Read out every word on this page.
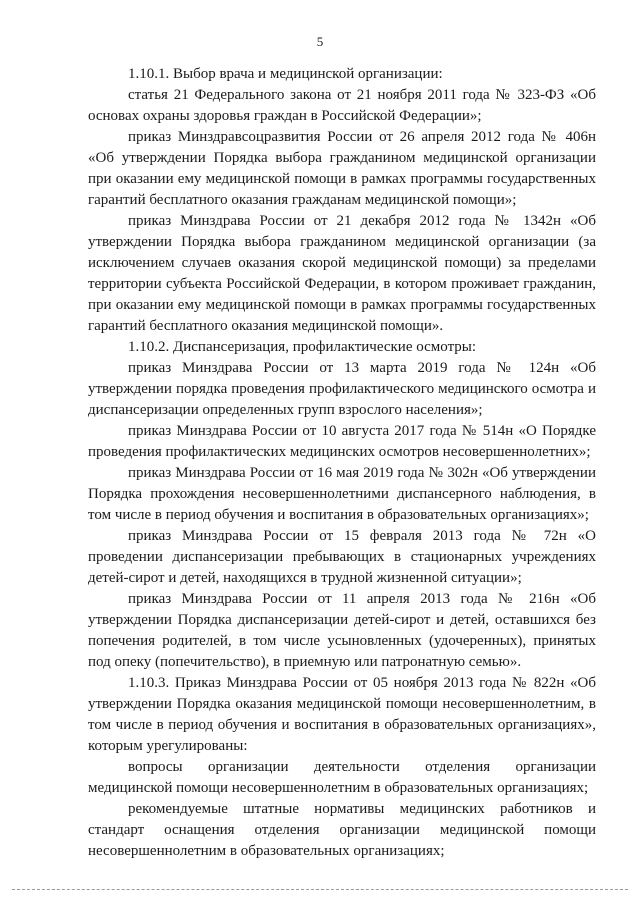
5

1.10.1. Выбор врача и медицинской организации:

статья 21 Федерального закона от 21 ноября 2011 года № 323-ФЗ «Об основах охраны здоровья граждан в Российской Федерации»;

приказ Минздравсоцразвития России от 26 апреля 2012 года № 406н «Об утверждении Порядка выбора гражданином медицинской организации при оказании ему медицинской помощи в рамках программы государственных гарантий бесплатного оказания гражданам медицинской помощи»;

приказ Минздрава России от 21 декабря 2012 года № 1342н «Об утверждении Порядка выбора гражданином медицинской организации (за исключением случаев оказания скорой медицинской помощи) за пределами территории субъекта Российской Федерации, в котором проживает гражданин, при оказании ему медицинской помощи в рамках программы государственных гарантий бесплатного оказания медицинской помощи».

1.10.2. Диспансеризация, профилактические осмотры:

приказ Минздрава России от 13 марта 2019 года № 124н «Об утверждении порядка проведения профилактического медицинского осмотра и диспансеризации определенных групп взрослого населения»;

приказ Минздрава России от 10 августа 2017 года № 514н «О Порядке проведения профилактических медицинских осмотров несовершеннолетних»;

приказ Минздрава России от 16 мая 2019 года № 302н «Об утверждении Порядка прохождения несовершеннолетними диспансерного наблюдения, в том числе в период обучения и воспитания в образовательных организациях»;

приказ Минздрава России от 15 февраля 2013 года № 72н «О проведении диспансеризации пребывающих в стационарных учреждениях детей-сирот и детей, находящихся в трудной жизненной ситуации»;

приказ Минздрава России от 11 апреля 2013 года № 216н «Об утверждении Порядка диспансеризации детей-сирот и детей, оставшихся без попечения родителей, в том числе усыновленных (удочеренных), принятых под опеку (попечительство), в приемную или патронатную семью».

1.10.3. Приказ Минздрава России от 05 ноября 2013 года № 822н «Об утверждении Порядка оказания медицинской помощи несовершеннолетним, в том числе в период обучения и воспитания в образовательных организациях», которым урегулированы:

вопросы организации деятельности отделения организации медицинской помощи несовершеннолетним в образовательных организациях;

рекомендуемые штатные нормативы медицинских работников и стандарт оснащения отделения организации медицинской помощи несовершеннолетним в образовательных организациях;
